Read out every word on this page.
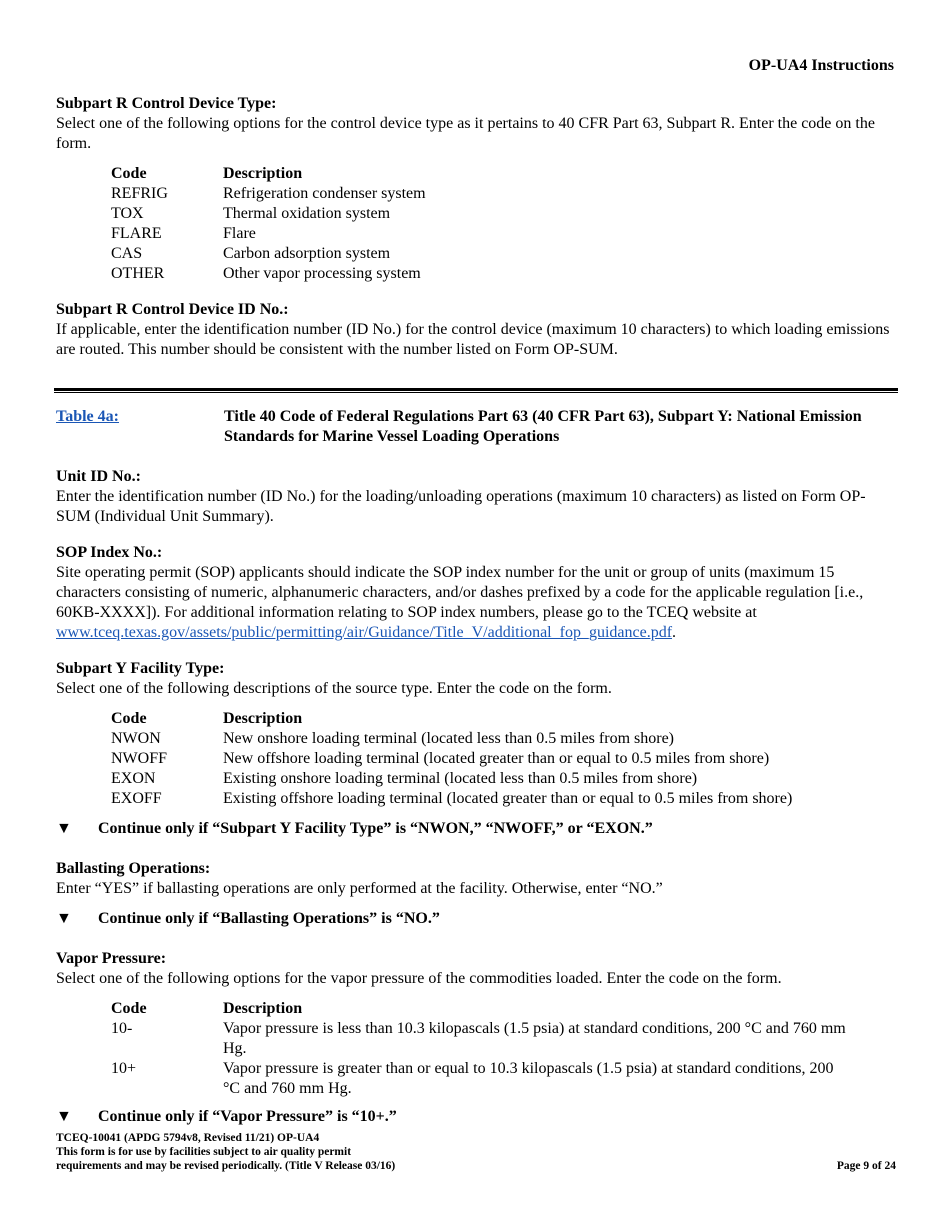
OP-UA4 Instructions
Subpart R Control Device Type:

Select one of the following options for the control device type as it pertains to 40 CFR Part 63, Subpart R. Enter the code on the form.

Code	Description
REFRIG	Refrigeration condenser system
TOX	Thermal oxidation system
FLARE	Flare
CAS	Carbon adsorption system
OTHER	Other vapor processing system
Subpart R Control Device ID No.:

If applicable, enter the identification number (ID No.) for the control device (maximum 10 characters) to which loading emissions are routed. This number should be consistent with the number listed on Form OP-SUM.

Table 4a:	Title 40 Code of Federal Regulations Part 63 (40 CFR Part 63), Subpart Y: National Emission Standards for Marine Vessel Loading Operations
Unit ID No.:

Enter the identification number (ID No.) for the loading/unloading operations (maximum 10 characters) as listed on Form OP-SUM (Individual Unit Summary).

SOP Index No.:

Site operating permit (SOP) applicants should indicate the SOP index number for the unit or group of units (maximum 15 characters consisting of numeric, alphanumeric characters, and/or dashes prefixed by a code for the applicable regulation [i.e., 60KB-XXXX]). For additional information relating to SOP index numbers, please go to the TCEQ website at www.tceq.texas.gov/assets/public/permitting/air/Guidance/Title_V/additional_fop_guidance.pdf.

Subpart Y Facility Type:

Select one of the following descriptions of the source type. Enter the code on the form.

Code	Description
NWON	New onshore loading terminal (located less than 0.5 miles from shore)
NWOFF	New offshore loading terminal (located greater than or equal to 0.5 miles from shore)
EXON	Existing onshore loading terminal (located less than 0.5 miles from shore)
EXOFF	Existing offshore loading terminal (located greater than or equal to 0.5 miles from shore)
▼	Continue only if “Subpart Y Facility Type” is “NWON,” “NWOFF,” or “EXON.”
Ballasting Operations:

Enter “YES” if ballasting operations are only performed at the facility. Otherwise, enter “NO.”

▼	Continue only if “Ballasting Operations” is “NO.”
Vapor Pressure:

Select one of the following options for the vapor pressure of the commodities loaded. Enter the code on the form.

Code	Description
10-	Vapor pressure is less than 10.3 kilopascals (1.5 psia) at standard conditions, 200 °C and 760 mm Hg.
10+	Vapor pressure is greater than or equal to 10.3 kilopascals (1.5 psia) at standard conditions, 200 °C and 760 mm Hg.
▼	Continue only if “Vapor Pressure” is “10+.”
TCEQ-10041 (APDG 5794v8, Revised 11/21) OP-UA4
This form is for use by facilities subject to air quality permit
requirements and may be revised periodically. (Title V Release 03/16)	Page 9 of 24
